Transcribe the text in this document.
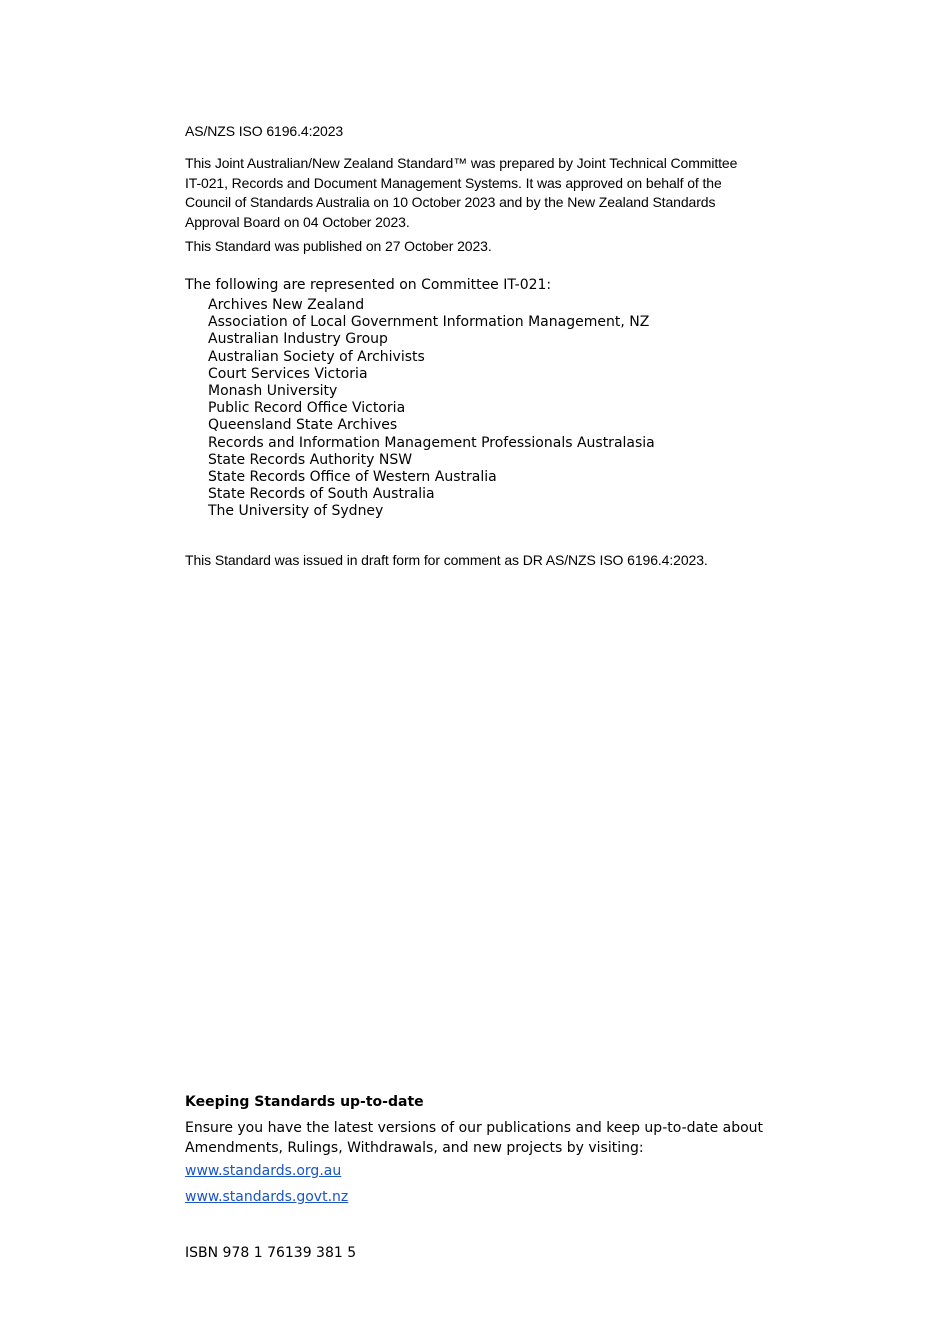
AS/NZS ISO 6196.4:2023

This Joint Australian/New Zealand Standard™ was prepared by Joint Technical Committee
IT-021, Records and Document Management Systems. It was approved on behalf of the
Council of Standards Australia on 10 October 2023 and by the New Zealand Standards
Approval Board on 04 October 2023.

This Standard was published on 27 October 2023.

The following are represented on Committee IT-021:

Archives New Zealand
Association of Local Government Information Management, NZ
Australian Industry Group
Australian Society of Archivists
Court Services Victoria
Monash University
Public Record Office Victoria
Queensland State Archives
Records and Information Management Professionals Australasia
State Records Authority NSW
State Records Office of Western Australia
State Records of South Australia
The University of Sydney

This Standard was issued in draft form for comment as DR AS/NZS ISO 6196.4:2023.

Keeping Standards up-to-date

Ensure you have the latest versions of our publications and keep up-to-date about
Amendments, Rulings, Withdrawals, and new projects by visiting:
www.standards.org.au
www.standards.govt.nz

ISBN 978 1 76139 381 5
